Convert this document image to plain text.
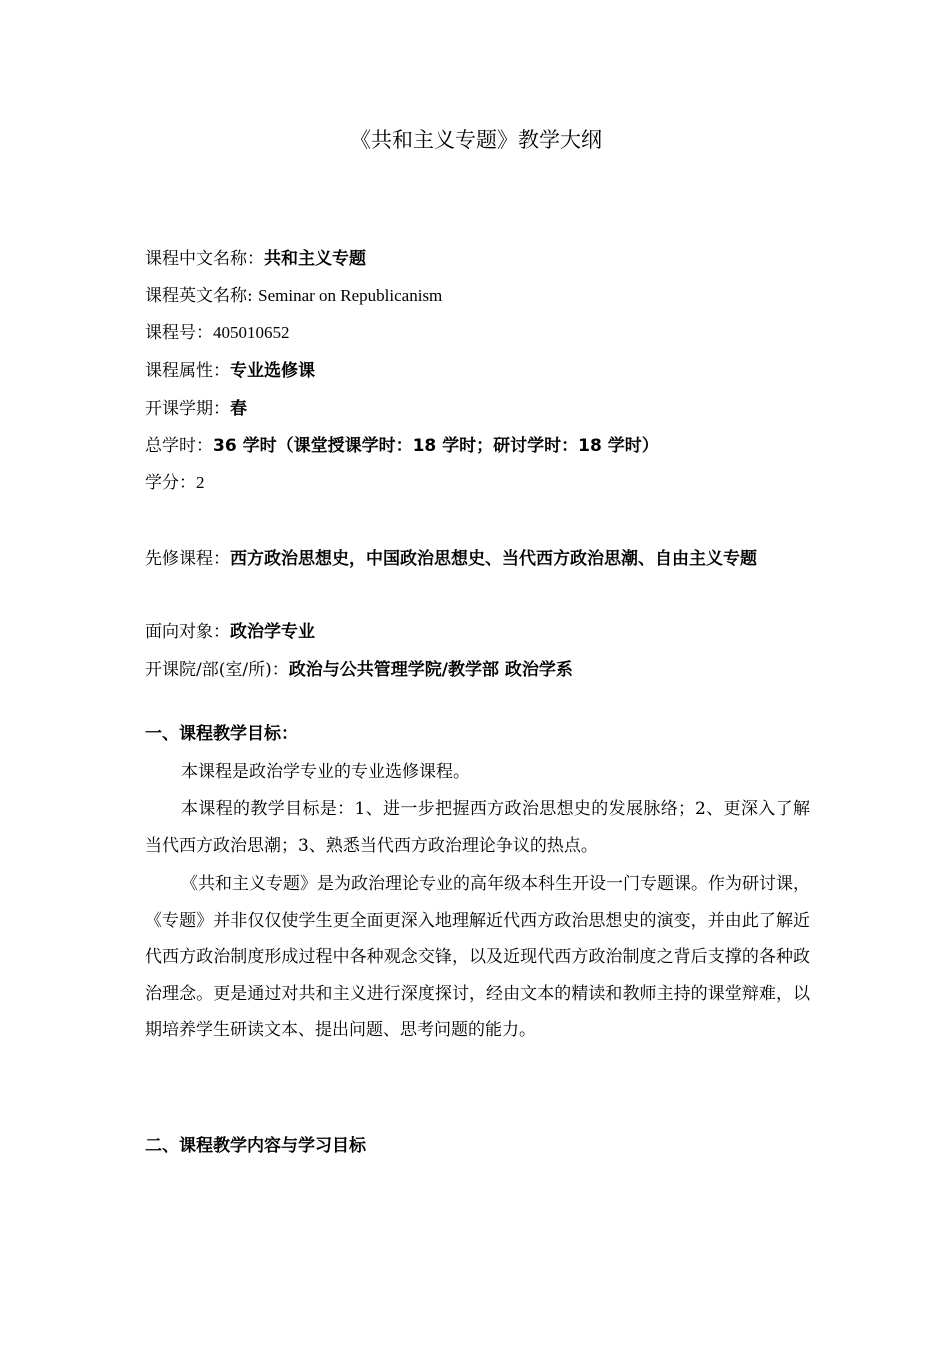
《共和主义专题》教学大纲
课程中文名称：共和主义专题
课程英文名称: Seminar on Republicanism
课程号：405010652
课程属性：专业选修课
开课学期：春
总学时：36 学时（课堂授课学时：18 学时；研讨学时：18 学时）
学分：2
先修课程：西方政治思想史，中国政治思想史、当代西方政治思潮、自由主义专题
面向对象：政治学专业
开课院/部(室/所)：政治与公共管理学院/教学部 政治学系
一、课程教学目标：
本课程是政治学专业的专业选修课程。
本课程的教学目标是：1、进一步把握西方政治思想史的发展脉络；2、更深入了解当代西方政治思潮；3、熟悉当代西方政治理论争议的热点。
《共和主义专题》是为政治理论专业的高年级本科生开设一门专题课。作为研讨课，《专题》并非仅仅使学生更全面更深入地理解近代西方政治思想史的演变，并由此了解近代西方政治制度形成过程中各种观念交锋，以及近现代西方政治制度之背后支撑的各种政治理念。更是通过对共和主义进行深度探讨，经由文本的精读和教师主持的课堂辩难，以期培养学生研读文本、提出问题、思考问题的能力。
二、课程教学内容与学习目标
